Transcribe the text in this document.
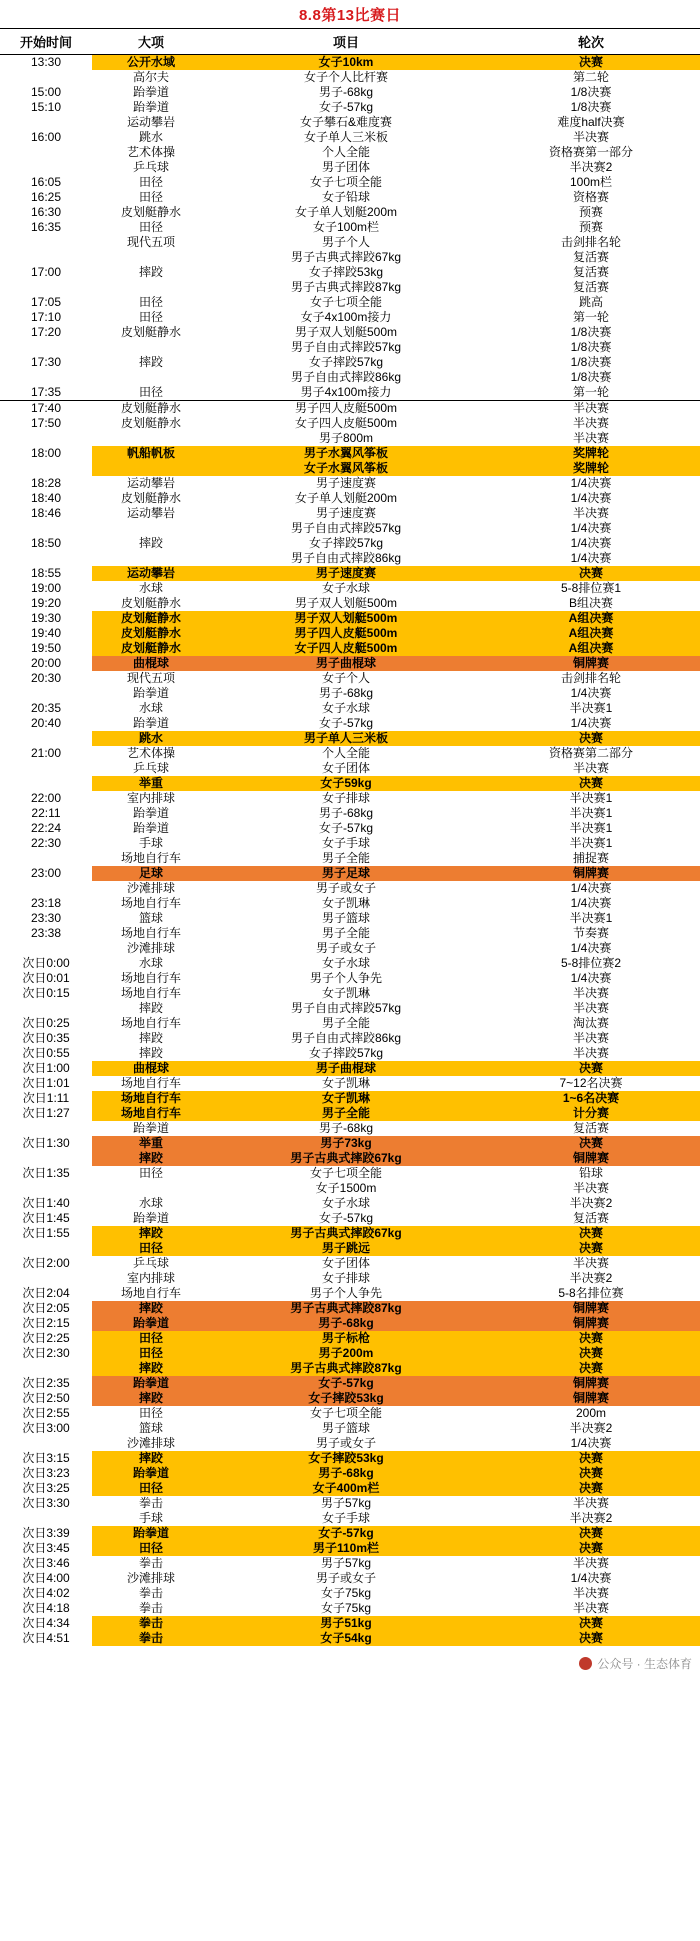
8.8第13比赛日
开始时间	大项	项目	轮次
13:30	公开水域	女子10km	决赛
	高尔夫	女子个人比杆赛	第二轮
15:00	跆拳道	男子-68kg	1/8决赛
15:10	跆拳道	女子-57kg	1/8决赛
	运动攀岩	女子攀石&难度赛	难度half决赛
16:00	跳水	女子单人三米板	半决赛
	艺术体操	个人全能	资格赛第一部分
	乒乓球	男子团体	半决赛2
16:05	田径	女子七项全能	100m栏
16:25	田径	女子铅球	资格赛
16:30	皮划艇静水	女子单人划艇200m	预赛
16:35	田径	女子100m栏	预赛
	现代五项	男子个人	击剑排名轮
		男子古典式摔跤67kg	复活赛
17:00	摔跤	女子摔跤53kg	复活赛
		男子古典式摔跤87kg	复活赛
17:05	田径	女子七项全能	跳高
17:10	田径	女子4x100m接力	第一轮
17:20	皮划艇静水	男子双人划艇500m	1/8决赛
		男子自由式摔跤57kg	1/8决赛
17:30	摔跤	女子摔跤57kg	1/8决赛
		男子自由式摔跤86kg	1/8决赛
17:35	田径	男子4x100m接力	第一轮
17:40	皮划艇静水	男子四人皮艇500m	半决赛
17:50	皮划艇静水	女子四人皮艇500m	半决赛
		男子800m	半决赛
18:00	帆船帆板	男子水翼风筝板	奖牌轮
		女子水翼风筝板	奖牌轮
18:28	运动攀岩	男子速度赛	1/4决赛
18:40	皮划艇静水	女子单人划艇200m	1/4决赛
18:46	运动攀岩	男子速度赛	半决赛
		男子自由式摔跤57kg	1/4决赛
18:50	摔跤	女子摔跤57kg	1/4决赛
		男子自由式摔跤86kg	1/4决赛
18:55	运动攀岩	男子速度赛	决赛
19:00	水球	女子水球	5-8排位赛1
19:20	皮划艇静水	男子双人划艇500m	B组决赛
19:30	皮划艇静水	男子双人划艇500m	A组决赛
19:40	皮划艇静水	男子四人皮艇500m	A组决赛
19:50	皮划艇静水	女子四人皮艇500m	A组决赛
20:00	曲棍球	男子曲棍球	铜牌赛
20:30	现代五项	女子个人	击剑排名轮
	跆拳道	男子-68kg	1/4决赛
20:35	水球	女子水球	半决赛1
20:40	跆拳道	女子-57kg	1/4决赛
	跳水	男子单人三米板	决赛
21:00	艺术体操	个人全能	资格赛第二部分
	乒乓球	女子团体	半决赛
	举重	女子59kg	决赛
22:00	室内排球	女子排球	半决赛1
22:11	跆拳道	男子-68kg	半决赛1
22:24	跆拳道	女子-57kg	半决赛1
22:30	手球	女子手球	半决赛1
	场地自行车	男子全能	捕捉赛
23:00	足球	男子足球	铜牌赛
	沙滩排球	男子或女子	1/4决赛
23:18	场地自行车	女子凯琳	1/4决赛
23:30	篮球	男子篮球	半决赛1
23:38	场地自行车	男子全能	节奏赛
	沙滩排球	男子或女子	1/4决赛
次日0:00	水球	女子水球	5-8排位赛2
次日0:01	场地自行车	男子个人争先	1/4决赛
次日0:15	场地自行车	女子凯琳	半决赛
	摔跤	男子自由式摔跤57kg	半决赛
次日0:25	场地自行车	男子全能	淘汰赛
次日0:35	摔跤	男子自由式摔跤86kg	半决赛
次日0:55	摔跤	女子摔跤57kg	半决赛
次日1:00	曲棍球	男子曲棍球	决赛
次日1:01	场地自行车	女子凯琳	7~12名决赛
次日1:11	场地自行车	女子凯琳	1~6名决赛
次日1:27	场地自行车	男子全能	计分赛
	跆拳道	男子-68kg	复活赛
次日1:30	举重	男子73kg	决赛
	摔跤	男子古典式摔跤67kg	铜牌赛
次日1:35	田径	女子七项全能	铅球
		女子1500m	半决赛
次日1:40	水球	女子水球	半决赛2
次日1:45	跆拳道	女子-57kg	复活赛
次日1:55	摔跤	男子古典式摔跤67kg	决赛
	田径	男子跳远	决赛
次日2:00	乒乓球	女子团体	半决赛
	室内排球	女子排球	半决赛2
次日2:04	场地自行车	男子个人争先	5-8名排位赛
次日2:05	摔跤	男子古典式摔跤87kg	铜牌赛
次日2:15	跆拳道	男子-68kg	铜牌赛
次日2:25	田径	男子标枪	决赛
次日2:30	田径	男子200m	决赛
	摔跤	男子古典式摔跤87kg	决赛
次日2:35	跆拳道	女子-57kg	铜牌赛
次日2:50	摔跤	女子摔跤53kg	铜牌赛
次日2:55	田径	女子七项全能	200m
次日3:00	篮球	男子篮球	半决赛2
	沙滩排球	男子或女子	1/4决赛
次日3:15	摔跤	女子摔跤53kg	决赛
次日3:23	跆拳道	男子-68kg	决赛
次日3:25	田径	女子400m栏	决赛
次日3:30	拳击	男子57kg	半决赛
	手球	女子手球	半决赛2
次日3:39	跆拳道	女子-57kg	决赛
次日3:45	田径	男子110m栏	决赛
次日3:46	拳击	男子57kg	半决赛
次日4:00	沙滩排球	男子或女子	1/4决赛
次日4:02	拳击	女子75kg	半决赛
次日4:18	拳击	女子75kg	半决赛
次日4:34	拳击	男子51kg	决赛
次日4:51	拳击	女子54kg	决赛
公众号 · 生态体育
